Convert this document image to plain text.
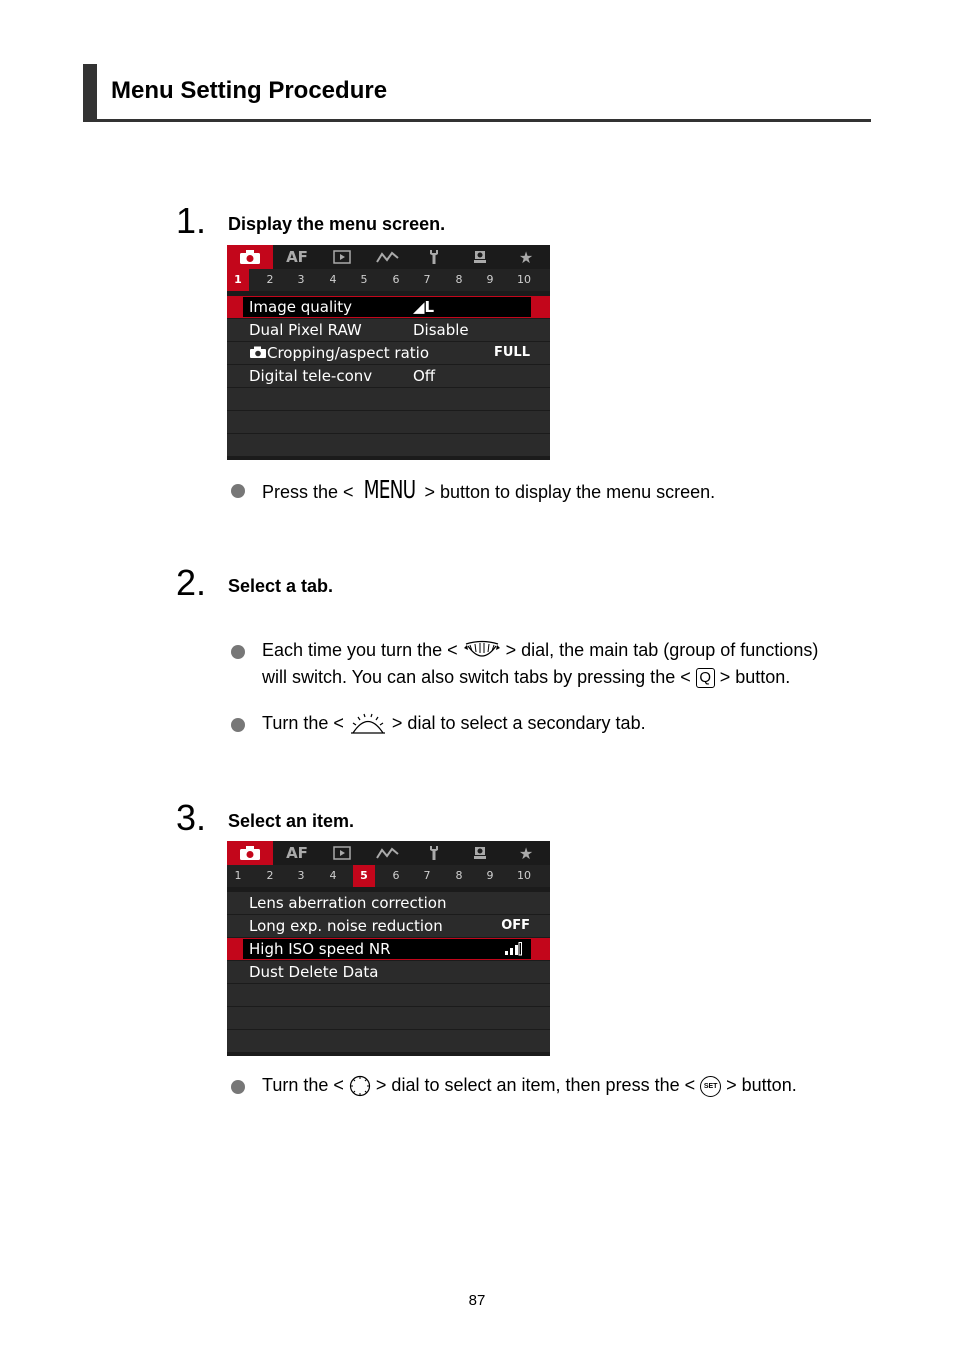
Menu Setting Procedure
1. Display the menu screen.
AF	★
1	2	3	4	5	6	7	8	9	10
Image quality	◢L
Dual Pixel RAW	Disable
Cropping/aspect ratio	FULL
Digital tele-conv	Off
Press the < MENU > button to display the menu screen.
2. Select a tab.
Each time you turn the <	> dial, the main tab (group of functions)
will switch. You can also switch tabs by pressing the < Q > button.
Turn the <	> dial to select a secondary tab.
3. Select an item.
AF	★
1	2	3	4	5	6	7	8	9	10
Lens aberration correction
Long exp. noise reduction	OFF
High ISO speed NR
Dust Delete Data
Turn the < > dial to select an item, then press the < SET > button.
87
